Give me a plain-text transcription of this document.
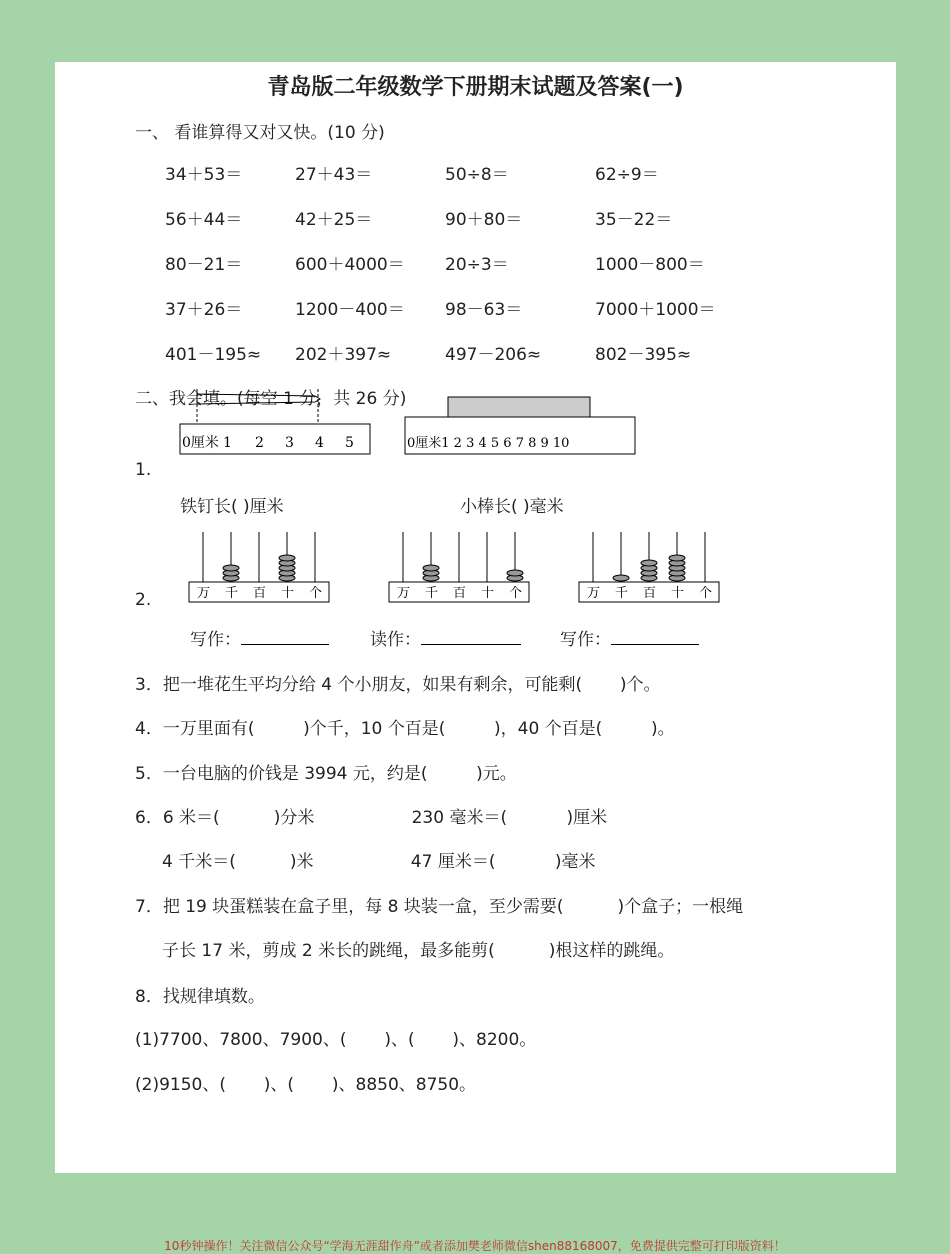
青岛版二年级数学下册期末试题及答案(一)
一、 看谁算得又对又快。(10 分)
二、我会填。(每空 1 分，共 26 分)
1.
0厘米 1 2 3 4 5	0厘米1 2 3 4 5 6 7 8 9 10
铁钉长( )厘米	小棒长( )毫米
2.
34＋53＝	27＋43＝	50÷8＝	62÷9＝
56＋44＝	42＋25＝	90＋80＝	35－22＝
80－21＝	600＋4000＝ 20÷3＝	1000－800＝
37＋26＝	1200－400＝ 98－63＝	7000＋1000＝
401－195≈ 202＋397≈	497－206≈	802－395≈
万 千 百 十 个	万 千 百 十 个	万 千 百 十 个
写作：	读作：	写作：
3．把一堆花生平均分给 4 个小朋友，如果有剩余，可能剩(       )个。
4．一万里面有(         )个千，10 个百是(         )，40 个百是(         )。
5．一台电脑的价钱是 3994 元，约是(         )元。
6．6 米＝(          )分米                  230 毫米＝(           )厘米
4 千米＝(          )米                  47 厘米＝(           )毫米
7．把 19 块蛋糕装在盒子里，每 8 块装一盒，至少需要(          )个盒子；一根绳
子长 17 米，剪成 2 米长的跳绳，最多能剪(          )根这样的跳绳。
8．找规律填数。
(1)7700、7800、7900、(       )、(       )、8200。
(2)9150、(       )、(       )、8850、8750。
10秒钟操作！关注微信公众号“学海无涯甜作舟”或者添加樊老师微信shen88168007，免费提供完整可打印版资料！
